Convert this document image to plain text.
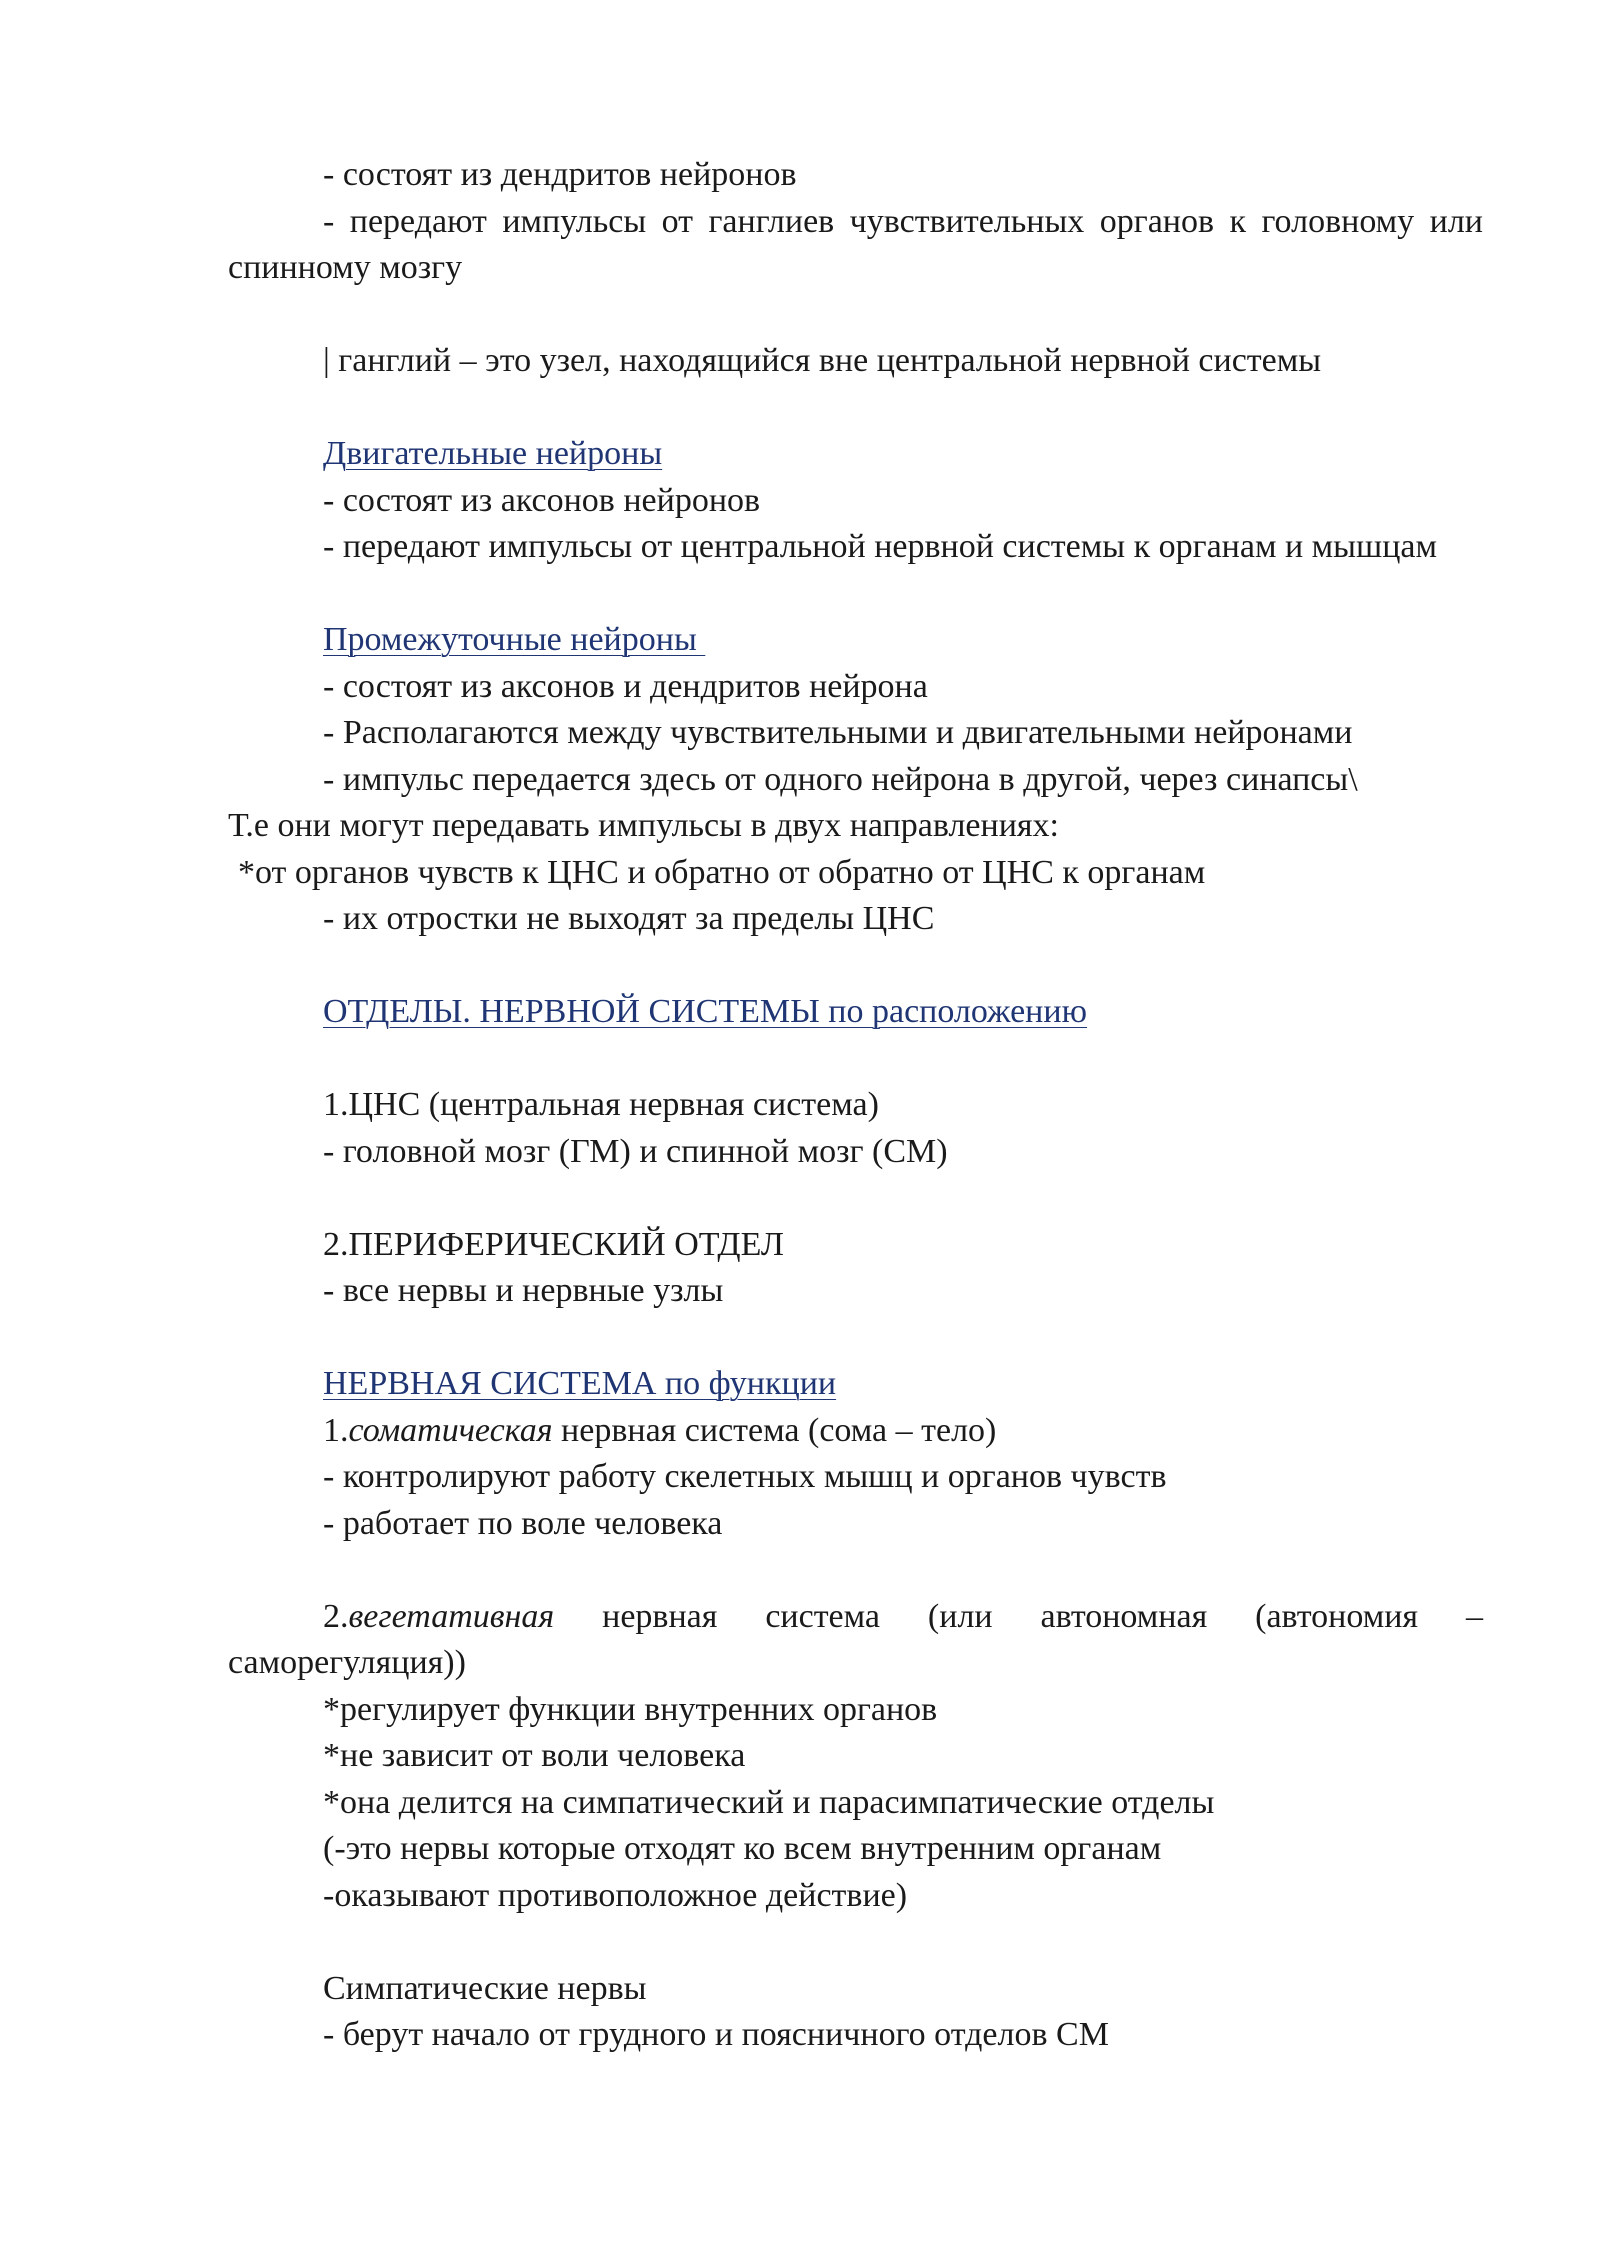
- состоят из дендритов нейронов

- передают импульсы от ганглиев чувствительных органов к головному или спинному мозгу

| ганглий – это узел, находящийся вне центральной нервной системы

Двигательные нейроны

- состоят из аксонов нейронов

- передают импульсы от центральной нервной системы к органам и мышцам

Промежуточные нейроны

- состоят из аксонов и дендритов нейрона

- Располагаются между чувствительными и двигательными нейронами

- импульс передается здесь от одного нейрона в другой, через синапсы\

Т.е они могут передавать импульсы в двух направлениях:

*от органов чувств к ЦНС и обратно от обратно от ЦНС к органам

- их отростки не выходят за пределы ЦНС

ОТДЕЛЫ. НЕРВНОЙ СИСТЕМЫ по расположению

1.ЦНС (центральная нервная система)

- головной мозг (ГМ) и спинной мозг (СМ)

2.ПЕРИФЕРИЧЕСКИЙ ОТДЕЛ

- все нервы и нервные узлы

НЕРВНАЯ СИСТЕМА по функции

1.соматическая нервная система (сома – тело)

- контролируют работу скелетных мышц и органов чувств

- работает по воле человека

2.вегетативная нервная система (или автономная (автономия – саморегуляция))

*регулирует функции внутренних органов

*не зависит от воли человека

*она делится на симпатический и парасимпатические отделы

(-это нервы которые отходят ко всем внутренним органам

-оказывают противоположное действие)

Симпатические нервы

- берут начало от грудного и поясничного отделов СМ
